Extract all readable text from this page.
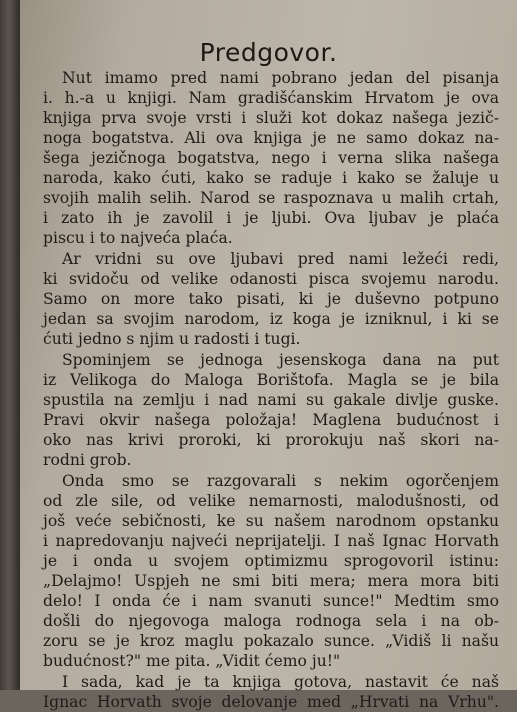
Predgovor.
Nut imamo pred nami pobrano jedan del pisanja
i. h.-a u knjigi. Nam gradišćanskim Hrvatom je ova
knjiga prva svoje vrsti i služi kot dokaz našega jezič-
noga bogatstva. Ali ova knjiga je ne samo dokaz na-
šega jezičnoga bogatstva, nego i verna slika našega
naroda, kako ćuti, kako se raduje i kako se žaluje u
svojih malih selih. Narod se raspoznava u malih crtah,
i zato ih je zavolil i je ljubi. Ova ljubav je plaća
piscu i to najveća plaća.
Ar vridni su ove ljubavi pred nami ležeći redi,
ki svidoču od velike odanosti pisca svojemu narodu.
Samo on more tako pisati, ki je duševno potpuno
jedan sa svojim narodom, iz koga je izniknul, i ki se
ćuti jedno s njim u radosti i tugi.
Spominjem se jednoga jesenskoga dana na put
iz Velikoga do Maloga Borištofa. Magla se je bila
spustila na zemlju i nad nami su gakale divlje guske.
Pravi okvir našega položaja! Maglena budućnost i
oko nas krivi proroki, ki prorokuju naš skori na-
rodni grob.
Onda smo se razgovarali s nekim ogorčenjem
od zle sile, od velike nemarnosti, malodušnosti, od
još veće sebičnosti, ke su našem narodnom opstanku
i napredovanju najveći neprijatelji. I naš Ignac Horvath
je i onda u svojem optimizmu sprogovoril istinu:
„Delajmo! Uspjeh ne smi biti mera; mera mora biti
delo! I onda će i nam svanuti sunce!" Medtim smo
došli do njegovoga maloga rodnoga sela i na ob-
zoru se je kroz maglu pokazalo sunce. „Vidiš li našu
budućnost?" me pita. „Vidit ćemo ju!"
I sada, kad je ta knjiga gotova, nastavit će naš
Ignac Horvath svoje delovanje med „Hrvati na Vrhu".
